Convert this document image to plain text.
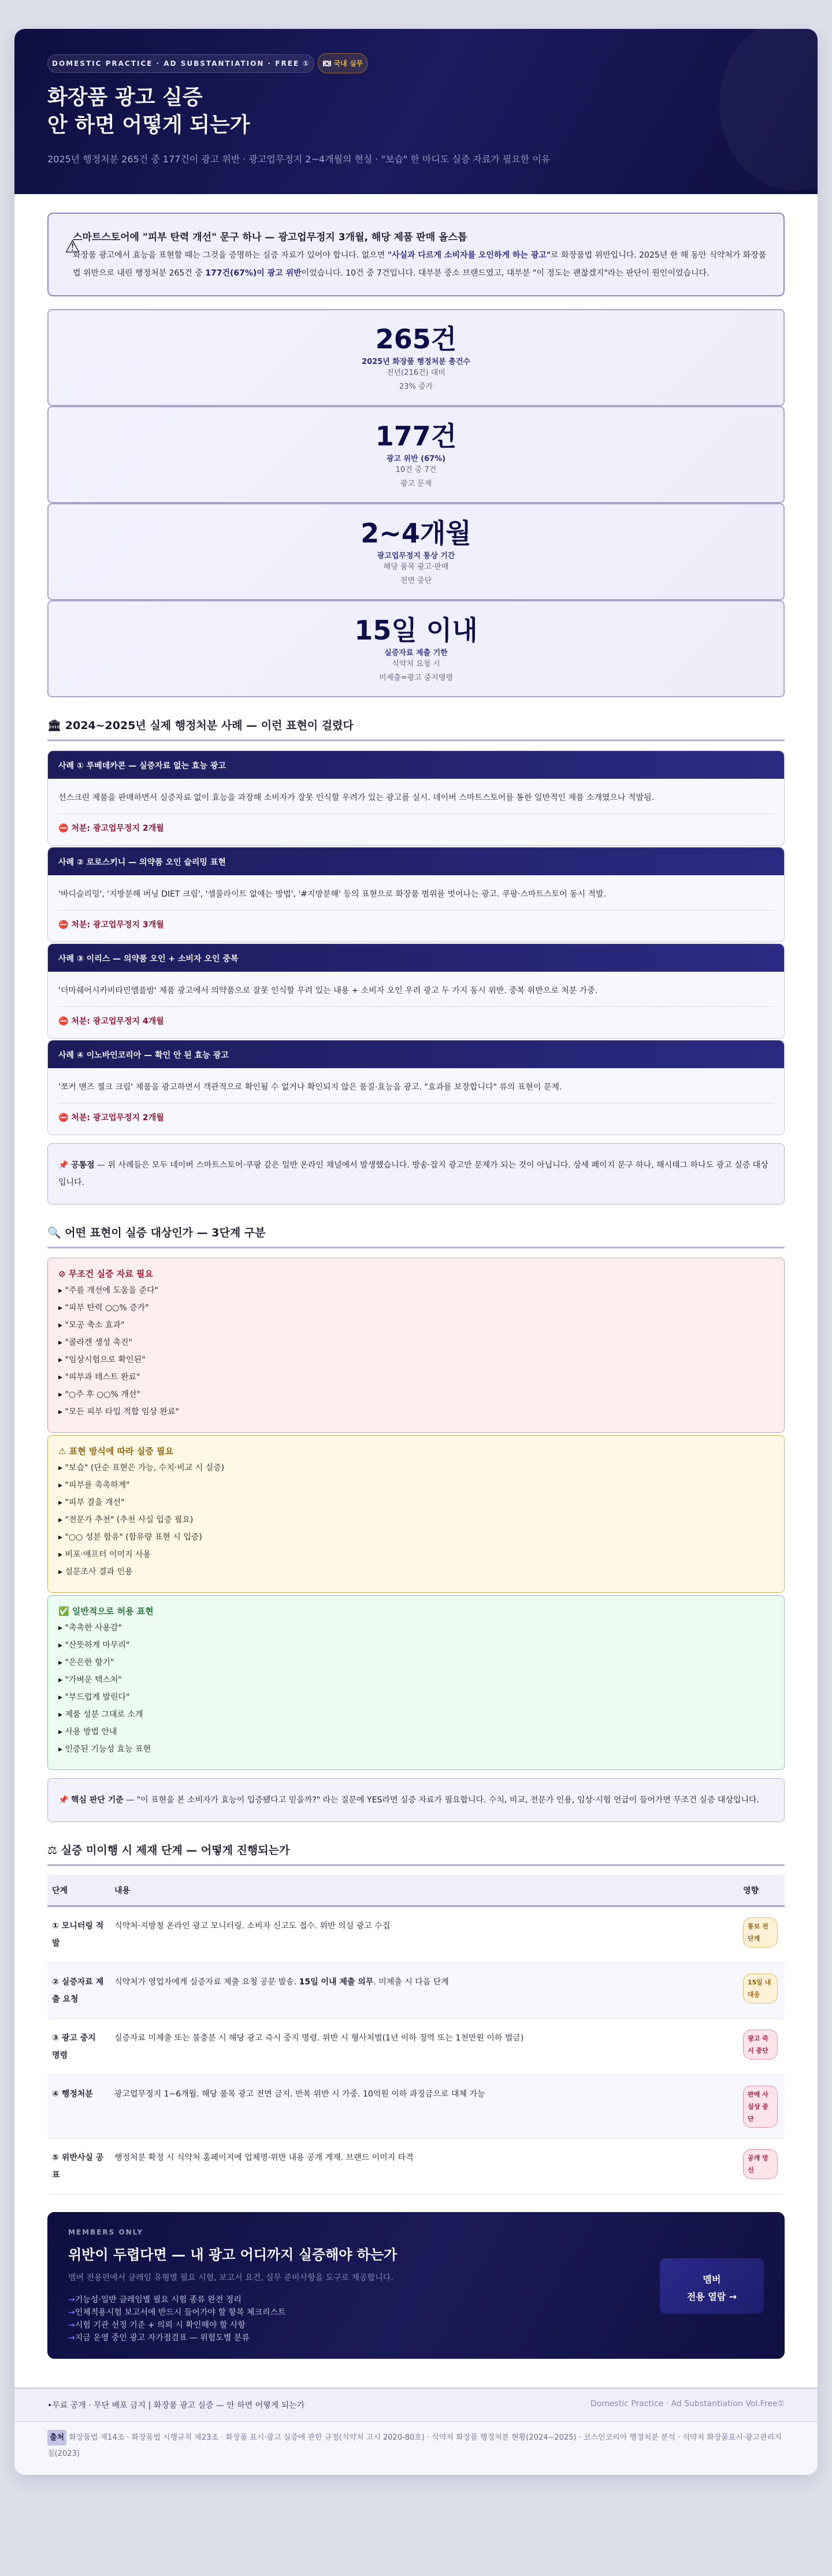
DOMESTIC PRACTICE · AD SUBSTANTIATION · FREE ①	🇰🇷 국내 실무
화장품 광고 실증
안 하면 어떻게 되는가
2025년 행정처분 265건 중 177건이 광고 위반 · 광고업무정지 2~4개월의 현실 · "보습" 한 마디도 실증 자료가 필요한 이유
⚠
스마트스토어에 "피부 탄력 개선" 문구 하나 — 광고업무정지 3개월, 해당 제품 판매 올스톱

화장품 광고에서 효능을 표현할 때는 그것을 증명하는 실증 자료가 있어야 합니다. 없으면 "사실과 다르게 소비자를 오인하게 하는 광고"로 화장품법 위반입니다. 2025년 한 해 동안 식약처가 화장품법 위반으로 내린 행정처분 265건 중 177건(67%)이 광고 위반이었습니다. 10건 중 7건입니다. 대부분 중소 브랜드였고, 대부분 "이 정도는 괜찮겠지"라는 판단이 원인이었습니다.

265건
2025년 화장품 행정처분 총건수
전년(216건) 대비
23% 증가
177건
광고 위반 (67%)
10건 중 7건
광고 문제
2~4개월
광고업무정지 통상 기간
해당 품목 광고·판매
전면 중단
15일 이내
실증자료 제출 기한
식약처 요청 시
미제출=광고 중지명령
🏛 2024~2025년 실제 행정처분 사례 — 이런 표현이 걸렸다
사례 ① 루베데카콘 — 실증자료 없는 효능 광고

선스크린 제품을 판매하면서 실증자료 없이 효능을 과장해 소비자가 잘못 인식할 우려가 있는 광고를 실시. 네이버 스마트스토어를 통한 일반적인 제품 소개였으나 적발됨.

⛔ 처분: 광고업무정지 2개월
사례 ② 로로스키니 — 의약품 오인 슬리밍 표현

'바디슬리밍', '지방분해 버닝 DIET 크림', '셀룰라이트 없애는 방법', '#지방분해' 등의 표현으로 화장품 범위를 벗어나는 광고. 쿠팡·스마트스토어 동시 적발.

⛔ 처분: 광고업무정지 3개월
사례 ③ 이리스 — 의약품 오인 + 소비자 오인 중복

'더마쉐어시카비타민앰플밤' 제품 광고에서 의약품으로 잘못 인식할 우려 있는 내용 + 소비자 오인 우려 광고 두 가지 동시 위반. 중복 위반으로 처분 가중.

⛔ 처분: 광고업무정지 4개월
사례 ④ 이노바인코리아 — 확인 안 된 효능 광고

'쪼커 맨즈 젤크 크림' 제품을 광고하면서 객관적으로 확인될 수 없거나 확인되지 않은 품질·효능을 광고. "효과를 보장합니다" 류의 표현이 문제.

⛔ 처분: 광고업무정지 2개월
📌 공통점 — 위 사례들은 모두 네이버 스마트스토어·쿠팡 같은 일반 온라인 채널에서 발생했습니다. 방송·잡지 광고만 문제가 되는 것이 아닙니다. 상세 페이지 문구 하나, 해시태그 하나도 광고 실증 대상입니다.
🔍 어떤 표현이 실증 대상인가 — 3단계 구분
⊘ 무조건 실증 자료 필요
▸ "주름 개선에 도움을 준다"
▸ "피부 탄력 ○○% 증가"
▸ "모공 축소 효과"
▸ "콜라겐 생성 촉진"
▸ "임상시험으로 확인된"
▸ "피부과 테스트 완료"
▸ "○주 후 ○○% 개선"
▸ "모든 피부 타입 적합 임상 완료"
⚠ 표현 방식에 따라 실증 필요
▸ "보습" (단순 표현은 가능, 수치·비교 시 실증)
▸ "피부를 촉촉하게"
▸ "피부 결을 개선"
▸ "전문가 추천" (추천 사실 입증 필요)
▸ "○○ 성분 함유" (함유량 표현 시 입증)
▸ 비포·애프터 이미지 사용
▸ 설문조사 결과 인용
✅ 일반적으로 허용 표현
▸ "촉촉한 사용감"
▸ "산뜻하게 마무리"
▸ "은은한 향기"
▸ "가벼운 텍스처"
▸ "부드럽게 발린다"
▸ 제품 성분 그대로 소개
▸ 사용 방법 안내
▸ 인증된 기능성 효능 표현
📌 핵심 판단 기준 — "이 표현을 본 소비자가 효능이 입증됐다고 믿을까?" 라는 질문에 YES라면 실증 자료가 필요합니다. 수치, 비교, 전문가 인용, 임상·시험 언급이 들어가면 무조건 실증 대상입니다.
⚖ 실증 미이행 시 제재 단계 — 어떻게 진행되는가
단계	내용	영향
① 모니터링 적발	식약처·지방청 온라인 광고 모니터링. 소비자 신고도 접수. 위반 의심 광고 수집	통보 전 단계
② 실증자료 제출 요청	식약처가 영업자에게 실증자료 제출 요청 공문 발송. 15일 이내 제출 의무. 미제출 시 다음 단계	15일 내 대응
③ 광고 중지 명령	실증자료 미제출 또는 불충분 시 해당 광고 즉시 중지 명령. 위반 시 형사처벌(1년 이하 징역 또는 1천만원 이하 벌금)	광고 즉시 중단
④ 행정처분	광고업무정지 1~6개월. 해당 품목 광고 전면 금지. 반복 위반 시 가중. 10억원 이하 과징금으로 대체 가능	판매 사실상 중단
⑤ 위반사실 공표	행정처분 확정 시 식약처 홈페이지에 업체명·위반 내용 공개 게재. 브랜드 이미지 타격	공개 망신
MEMBERS ONLY
위반이 두렵다면 — 내 광고 어디까지 실증해야 하는가
멤버 전용편에서 클레임 유형별 필요 시험, 보고서 요건, 실무 준비사항을 도구로 제공합니다.
→기능성·일반 클레임별 필요 시험 종류 완전 정리
→인체적용시험 보고서에 반드시 들어가야 할 항목 체크리스트
→시험 기관 선정 기준 + 의뢰 시 확인해야 할 사항
→지금 운영 중인 광고 자가점검표 — 위험도별 분류
멤버
전용 열람 →
•무료 공개 · 무단 배포 금지 | 화장품 광고 실증 — 안 하면 어떻게 되는가	Domestic Practice · Ad Substantiation Vol.Free①
출처 화장품법 제14조 · 화장품법 시행규칙 제23조 · 화장품 표시·광고 실증에 관한 규정(식약처 고시 2020-80호) · 식약처 화장품 행정처분 현황(2024~2025) · 코스인코리아 행정처분 분석 · 식약처 화장품표시·광고관리지침(2023)
